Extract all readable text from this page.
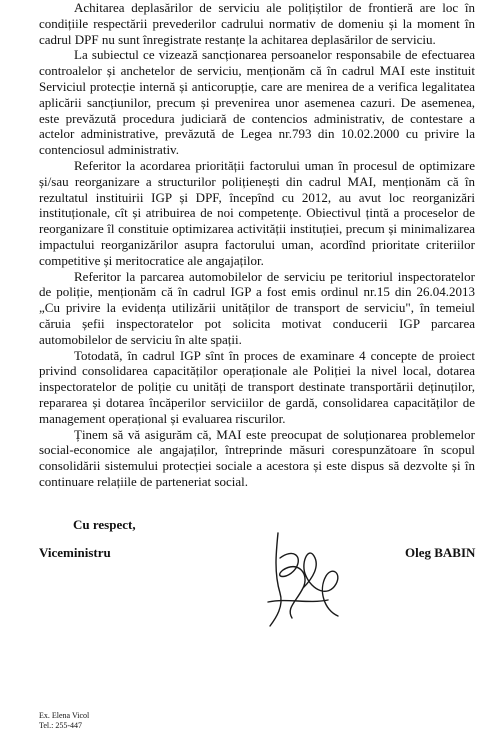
Achitarea deplasărilor de serviciu ale polițiștilor de frontieră are loc în condițiile respectării prevederilor cadrului normativ de domeniu și la moment în cadrul DPF nu sunt înregistrate restanțe la achitarea deplasărilor de serviciu.

La subiectul ce vizează sancționarea persoanelor responsabile de efectuarea controalelor și anchetelor de serviciu, menționăm că în cadrul MAI este instituit Serviciul protecție internă și anticorupție, care are menirea de a verifica legalitatea aplicării sancțiunilor, precum și prevenirea unor asemenea cazuri. De asemenea, este prevăzută procedura judiciară de contencios administrativ, de contestare a actelor administrative, prevăzută de Legea nr.793 din 10.02.2000 cu privire la contenciosul administrativ.

Referitor la acordarea priorității factorului uman în procesul de optimizare și/sau reorganizare a structurilor polițienești din cadrul MAI, menționăm că în rezultatul instituirii IGP și DPF, începînd cu 2012, au avut loc reorganizări instituționale, cît și atribuirea de noi competențe. Obiectivul țintă a proceselor de reorganizare îl constituie optimizarea activității instituției, precum și minimalizarea impactului reorganizărilor asupra factorului uman, acordînd prioritate criteriilor competitive și meritocratice ale angajaților.

Referitor la parcarea automobilelor de serviciu pe teritoriul inspectoratelor de poliție, menționăm că în cadrul IGP a fost emis ordinul nr.15 din 26.04.2013 „Cu privire la evidența utilizării unităților de transport de serviciu", în temeiul căruia șefii inspectoratelor pot solicita motivat conducerii IGP parcarea automobilelor de serviciu în alte spații.

Totodată, în cadrul IGP sînt în proces de examinare 4 concepte de proiect privind consolidarea capacităților operaționale ale Poliției la nivel local, dotarea inspectoratelor de poliție cu unități de transport destinate transportării deținuților, repararea și dotarea încăperilor serviciilor de gardă, consolidarea capacităților de management operațional și evaluarea riscurilor.

Ținem să vă asigurăm că, MAI este preocupat de soluționarea problemelor social-economice ale angajaților, întreprinde măsuri corespunzătoare în scopul consolidării sistemului protecției sociale a acestora și este dispus să dezvolte și în continuare relațiile de parteneriat social.

Cu respect,
Viceministru	Oleg BABIN
Ex. Elena Vicol
Tel.: 255-447
